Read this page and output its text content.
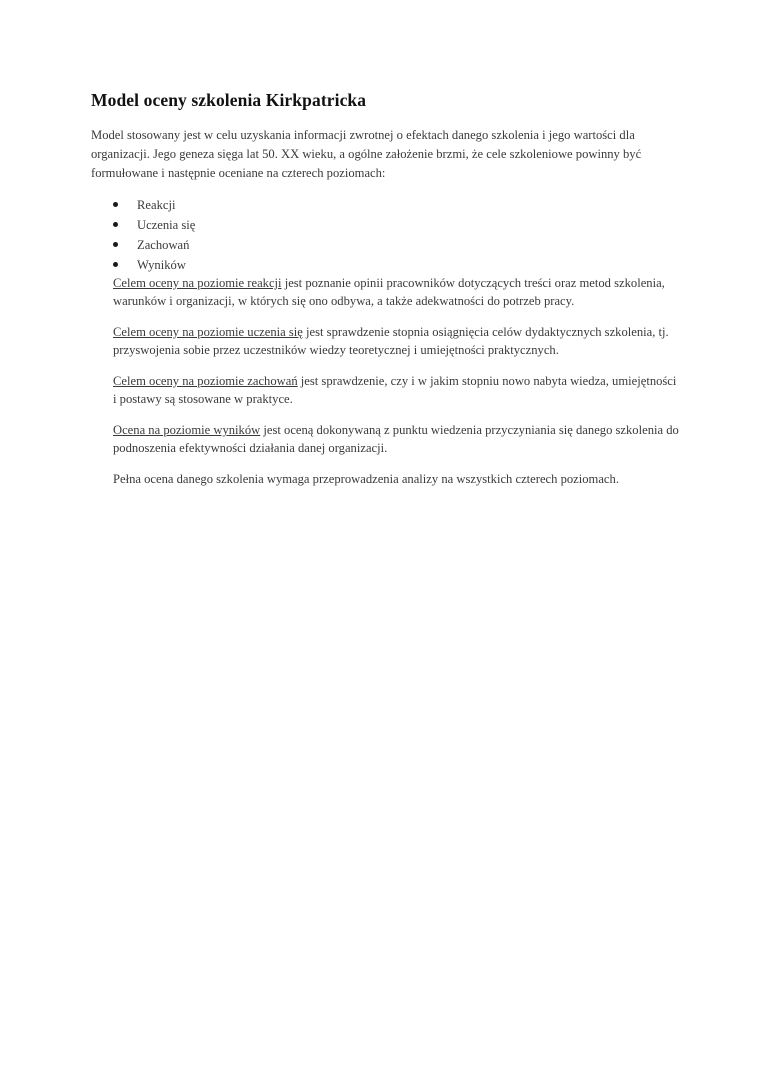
Model oceny szkolenia Kirkpatricka

Model stosowany jest w celu uzyskania informacji zwrotnej o efektach danego szkolenia i jego wartości dla organizacji. Jego geneza sięga lat 50. XX wieku, a ogólne założenie brzmi, że cele szkoleniowe powinny być formułowane i następnie oceniane na czterech poziomach:

Reakcji
Uczenia się
Zachowań
Wyników

Celem oceny na poziomie reakcji jest poznanie opinii pracowników dotyczących treści oraz metod szkolenia, warunków i organizacji, w których się ono odbywa, a także adekwatności do potrzeb pracy.

Celem oceny na poziomie uczenia się jest sprawdzenie stopnia osiągnięcia celów dydaktycznych szkolenia, tj. przyswojenia sobie przez uczestników wiedzy teoretycznej i umiejętności praktycznych.

Celem oceny na poziomie zachowań jest sprawdzenie, czy i w jakim stopniu nowo nabyta wiedza, umiejętności i postawy są stosowane w praktyce.

Ocena na poziomie wyników jest oceną dokonywaną z punktu wiedzenia przyczyniania się danego szkolenia do podnoszenia efektywności działania danej organizacji.

Pełna ocena danego szkolenia wymaga przeprowadzenia analizy na wszystkich czterech poziomach.
